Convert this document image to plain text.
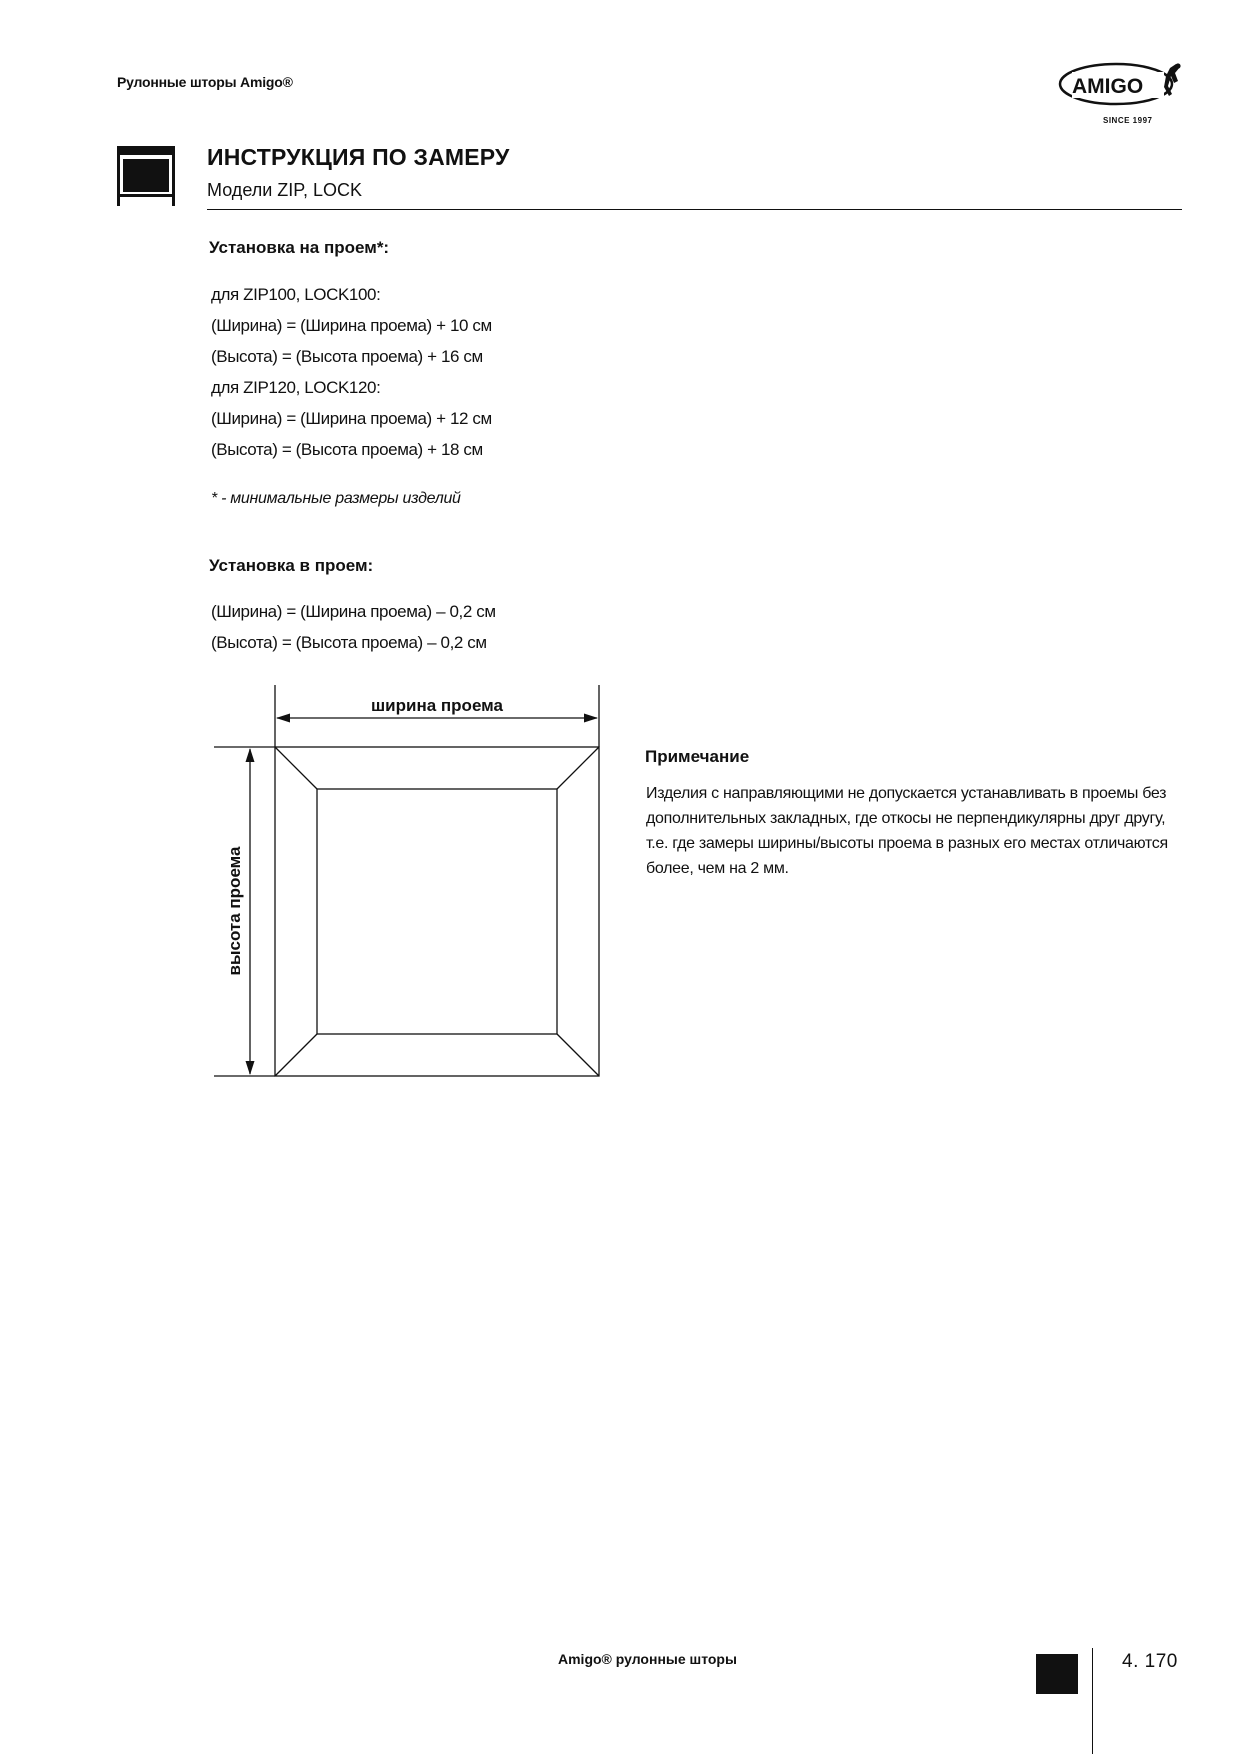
Рулонные шторы Amigo®	AMIGO
SINCE 1997
ИНСТРУКЦИЯ ПО ЗАМЕРУ
Модели ZIP, LOCK
Установка на проем*:
для ZIP100, LOCK100:
(Ширина) = (Ширина проема) + 10 см
(Высота) = (Высота проема) + 16 см
для ZIP120, LOCK120:
(Ширина) = (Ширина проема) + 12 см
(Высота) = (Высота проема) + 18 см
* - минимальные размеры изделий
Установка в проем:
(Ширина) = (Ширина проема) – 0,2 см
(Высота) = (Высота проема) – 0,2 см
ширина проема
высота проема
Примечание
Изделия с направляющими не допускается устанавливать в проемы без дополнительных закладных, где откосы не перпендикулярны друг другу, т.е. где замеры ширины/высоты проема в разных его местах отличаются более, чем на 2 мм.
Amigo® рулонные шторы	4. 170
